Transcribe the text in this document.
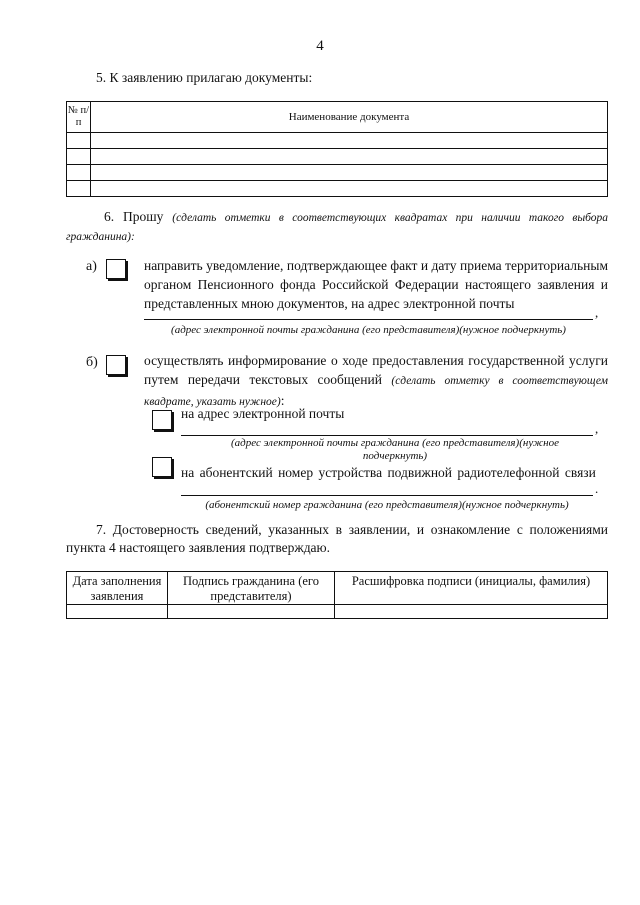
4
5. К заявлению прилагаю документы:
№ п/п	Наименование документа

6. Прошу (сделать отметки в соответствующих квадратах при наличии такого выбора гражданина):
а)	направить уведомление, подтверждающее факт и дату приема территориальным органом Пенсионного фонда Российской Федерации настоящего заявления и представленных мною документов, на адрес электронной почты
,
(адрес электронной почты гражданина (его представителя)(нужное подчеркнуть)
б)	осуществлять информирование о ходе предоставления государственной услуги путем передачи текстовых сообщений (сделать отметку в соответствующем квадрате, указать нужное):
на адрес электронной почты
,
(адрес электронной почты гражданина (его представителя)(нужное подчеркнуть)
на абонентский номер устройства подвижной радиотелефонной связи
.
(абонентский номер гражданина (его представителя)(нужное подчеркнуть)
7. Достоверность сведений, указанных в заявлении, и ознакомление с положениями пункта 4 настоящего заявления подтверждаю.
Дата заполнения заявления	Подпись гражданина (его представителя)	Расшифровка подписи (инициалы, фамилия)
